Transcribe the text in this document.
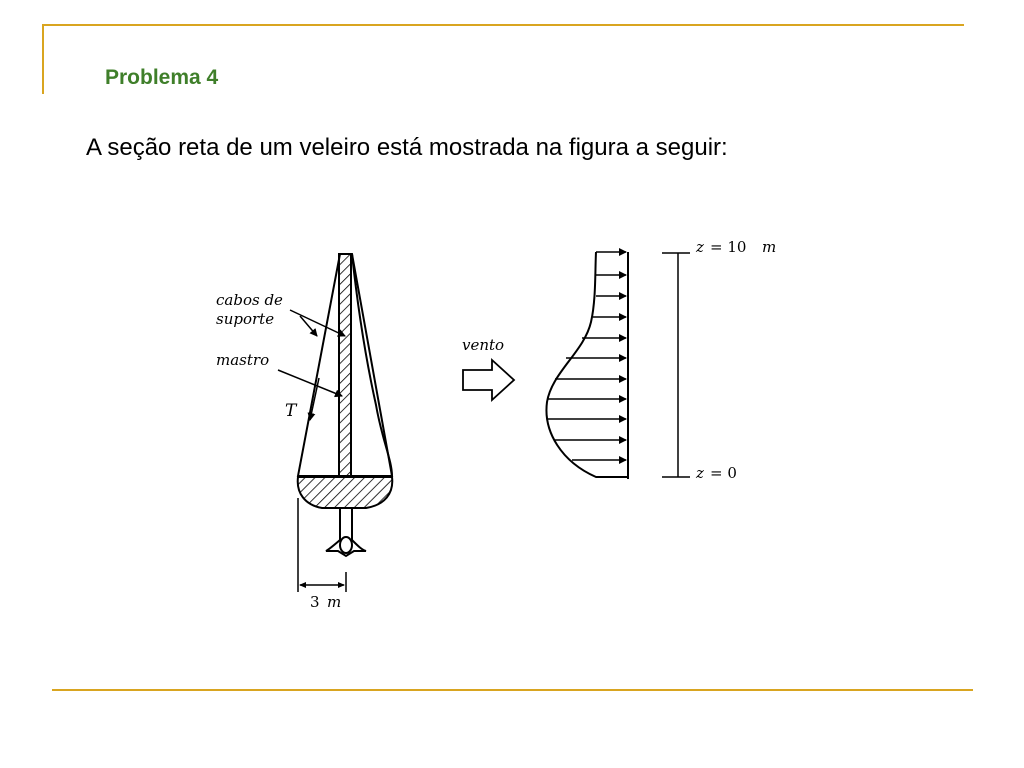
Problema 4
A seção reta de um veleiro está mostrada na figura a seguir:
cabos de
suporte
mastro
T
3 m
vento
z = 10 m
z = 0
